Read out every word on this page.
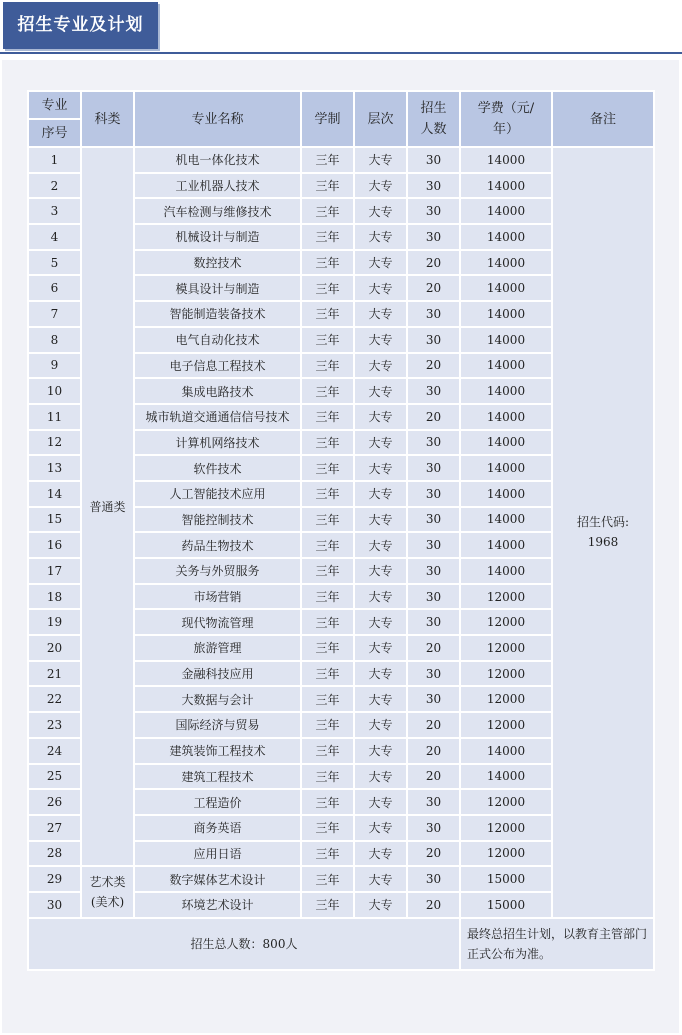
招生专业及计划
专业
序号	科类	专业名称	学制	层次	招生人数	学费（元/年）	备注
1	普通类	机电一体化技术	三年	大专	30	14000	招生代码: 1968
2		工业机器人技术	三年	大专	30	14000	
3		汽车检测与维修技术	三年	大专	30	14000	
4		机械设计与制造	三年	大专	30	14000	
5		数控技术	三年	大专	20	14000	
6		模具设计与制造	三年	大专	20	14000	
7		智能制造装备技术	三年	大专	30	14000	
8		电气自动化技术	三年	大专	30	14000	
9		电子信息工程技术	三年	大专	20	14000	
10		集成电路技术	三年	大专	30	14000	
11		城市轨道交通通信信号技术	三年	大专	20	14000	
12		计算机网络技术	三年	大专	30	14000	
13		软件技术	三年	大专	30	14000	
14		人工智能技术应用	三年	大专	30	14000	
15		智能控制技术	三年	大专	30	14000	
16		药品生物技术	三年	大专	30	14000	
17		关务与外贸服务	三年	大专	30	14000	
18		市场营销	三年	大专	30	12000	
19		现代物流管理	三年	大专	30	12000	
20		旅游管理	三年	大专	20	12000	
21		金融科技应用	三年	大专	30	12000	
22		大数据与会计	三年	大专	30	12000	
23		国际经济与贸易	三年	大专	20	12000	
24		建筑装饰工程技术	三年	大专	20	14000	
25		建筑工程技术	三年	大专	20	14000	
26		工程造价	三年	大专	30	12000	
27		商务英语	三年	大专	30	12000	
28		应用日语	三年	大专	20	12000	
29	艺术类(美术)	数字媒体艺术设计	三年	大专	30	15000	
30		环境艺术设计	三年	大专	20	15000	
招生总人数：800人						最终总招生计划，以教育主管部门正式公布为准。	
